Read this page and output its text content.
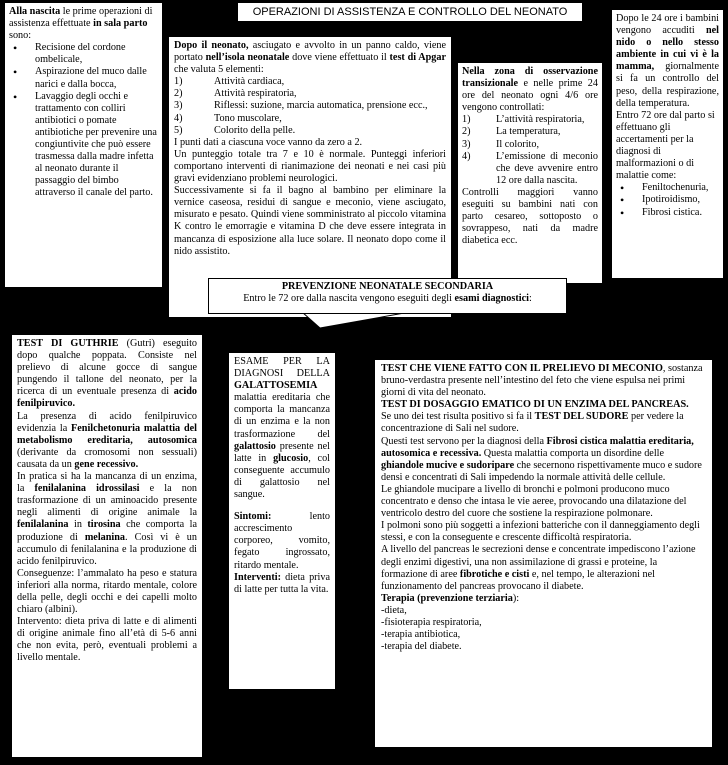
OPERAZIONI DI ASSISTENZA E CONTROLLO DEL NEONATO

Alla nascita le prime operazioni di assistenza effettuate in sala parto sono:

• Recisione del cordone ombelicale,
• Aspirazione del muco dalle narici e dalla bocca,
• Lavaggio degli occhi e trattamento con colliri antibiotici o pomate antibiotiche per prevenire una congiuntivite che può essere trasmessa dalla madre infetta al neonato durante il passaggio del bimbo attraverso il canale del parto.

Dopo il neonato, asciugato e avvolto in un panno caldo, viene portato nell’isola neonatale dove viene effettuato il test di Apgar che valuta 5 elementi:

1)	Attività cardiaca,
2)	Attività respiratoria,
3)	Riflessi: suzione, marcia automatica, prensione ecc.,
4)	Tono muscolare,
5)	Colorito della pelle.

I punti dati a ciascuna voce vanno da zero a 2.

Un punteggio totale tra 7 e 10 è normale. Punteggi inferiori comportano interventi di rianimazione dei neonati e nei casi più gravi evidenziano problemi neurologici.

Successivamente si fa il bagno al bambino per eliminare la vernice caseosa, residui di sangue e meconio, viene asciugato, misurato e pesato. Quindi viene somministrato al piccolo vitamina K contro le emorragie e vitamina D che deve essere integrata in mancanza di esposizione alla luce solare. Il neonato dopo come il nido assistito.

Nella zona di osservazione transizionale e nelle prime 24 ore del neonato ogni 4/6 ore vengono controllati:

1)	L’attività respiratoria,
2)	La temperatura,
3)	Il colorito,
4)	L’emissione di meconio che deve avvenire entro 12 ore dalla nascita.

Controlli maggiori vanno eseguiti su bambini nati con parto cesareo, sottoposto o sovrappeso, nati da madre diabetica ecc.

Dopo le 24 ore i bambini vengono accuditi nel nido o nello stesso ambiente in cui vi è la mamma, giornalmente si fa un controllo del peso, della respirazione, della temperatura.

Entro 72 ore dal parto si effettuano gli accertamenti per la diagnosi di malformazioni o di malattie come:

• Feniltochenuria,
• Ipotiroidismo,
• Fibrosi cistica.

PREVENZIONE NEONATALE SECONDARIA

Entro le 72 ore dalla nascita vengono eseguiti degli esami diagnostici:

TEST DI GUTHRIE (Gutri) eseguito dopo qualche poppata. Consiste nel prelievo di alcune gocce di sangue pungendo il tallone del neonato, per la ricerca di un eventuale presenza di acido fenilpiruvico.

La presenza di acido fenilpiruvico evidenzia la Fenilchetonuria malattia del metabolismo ereditaria, autosomica (derivante da cromosomi non sessuali) causata da un gene recessivo.

In pratica si ha la mancanza di un enzima, la fenilalanina idrossilasi e la non trasformazione di un aminoacido presente negli alimenti di origine animale la fenilalanina in tirosina che comporta la produzione di melanina. Così vi è un accumulo di fenilalanina e la produzione di acido fenilpiruvico.

Conseguenze: l’ammalato ha peso e statura inferiori alla norma, ritardo mentale, colore della pelle, degli occhi e dei capelli molto chiaro (albini).

Intervento: dieta priva di latte e di alimenti di origine animale fino all’età di 5-6 anni che non evita, però, eventuali problemi a livello mentale.

ESAME PER LA DIAGNOSI DELLA GALATTOSEMIA malattia ereditaria che comporta la mancanza di un enzima e la non trasformazione del galattosio presente nel latte in glucosio, col conseguente accumulo di galattosio nel sangue.

Sintomi: lento accrescimento corporeo, vomito, fegato ingrossato, ritardo mentale.

Interventi: dieta priva di latte per tutta la vita.

TEST CHE VIENE FATTO CON IL PRELIEVO DI MECONIO, sostanza bruno-verdastra presente nell’intestino del feto che viene espulsa nei primi giorni di vita del neonato.

TEST DI DOSAGGIO EMATICO DI UN ENZIMA DEL PANCREAS.

Se uno dei test risulta positivo si fa il TEST DEL SUDORE per vedere la concentrazione di Sali nel sudore.

Questi test servono per la diagnosi della Fibrosi cistica malattia ereditaria, autosomica e recessiva. Questa malattia comporta un disordine delle ghiandole mucive e sudoripare che secernono rispettivamente muco e sudore densi e concentrati di Sali impedendo la normale attività delle cellule.

Le ghiandole mucipare a livello di bronchi e polmoni producono muco concentrato e denso che intasa le vie aeree, provocando una dilatazione del ventricolo destro del cuore che sostiene la respirazione polmonare.

I polmoni sono più soggetti a infezioni batteriche con il danneggiamento degli stessi, e con la conseguente e crescente difficoltà respiratoria.

A livello del pancreas le secrezioni dense e concentrate impediscono l’azione degli enzimi digestivi, una non assimilazione di grassi e proteine, la formazione di aree fibrotiche e cisti e, nel tempo, le alterazioni nel funzionamento del pancreas provocano il diabete.

Terapia (prevenzione terziaria):

-dieta,

-fisioterapia respiratoria,

-terapia antibiotica,

-terapia del diabete.
